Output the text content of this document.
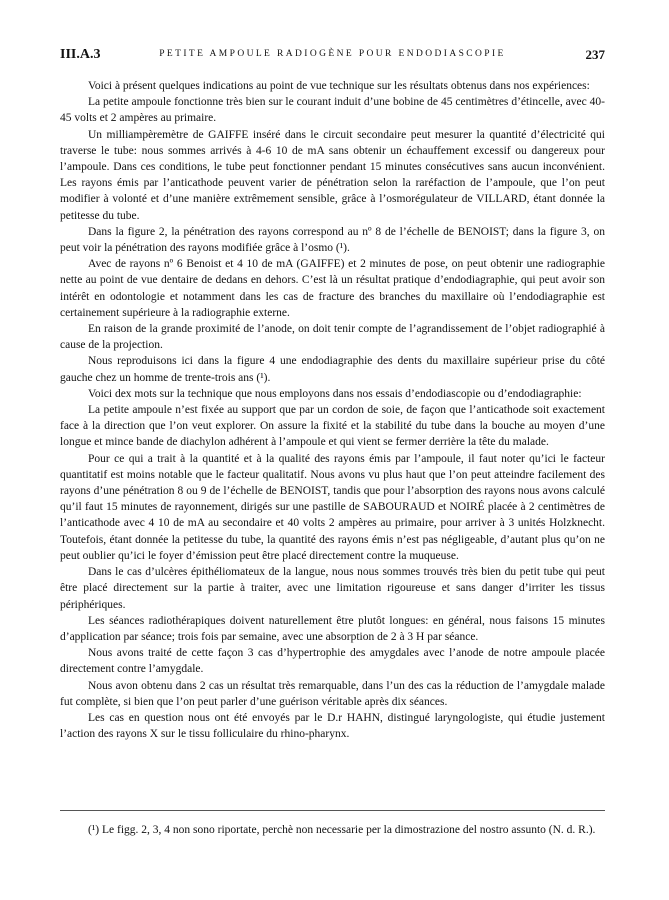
III.A.3	PETITE AMPOULE RADIOGÈNE POUR ENDODIASCOPIE	237

Voici à présent quelques indications au point de vue technique sur les résultats obtenus dans nos expériences:

La petite ampoule fonctionne très bien sur le courant induit d’une bobine de 45 centimètres d’étincelle, avec 40-45 volts et 2 ampères au primaire.

Un milliampèremètre de GAIFFE inséré dans le circuit secondaire peut mesurer la quantité d’électricité qui traverse le tube: nous sommes arrivés à 4-6 10 de mA sans obtenir un échauffement excessif ou dangereux pour l’ampoule. Dans ces conditions, le tube peut fonctionner pendant 15 minutes consécutives sans aucun inconvénient. Les rayons émis par l’anticathode peuvent varier de pénétration selon la raréfaction de l’ampoule, que l’on peut modifier à volonté et d’une manière extrêmement sensible, grâce à l’osmorégulateur de VILLARD, étant donnée la petitesse du tube.

Dans la figure 2, la pénétration des rayons correspond au nº 8 de l’échelle de BENOIST; dans la figure 3, on peut voir la pénétration des rayons modifiée grâce à l’osmo (¹).

Avec de rayons nº 6 Benoist et 4 10 de mA (GAIFFE) et 2 minutes de pose, on peut obtenir une radiographie nette au point de vue dentaire de dedans en dehors. C’est là un résultat pratique d’endodiagraphie, qui peut avoir son intérêt en odontologie et notamment dans les cas de fracture des branches du maxillaire où l’endodiagraphie est certainement supérieure à la radiographie externe.

En raison de la grande proximité de l’anode, on doit tenir compte de l’agrandissement de l’objet radiographié à cause de la projection.

Nous reproduisons ici dans la figure 4 une endodiagraphie des dents du maxillaire supérieur prise du côté gauche chez un homme de trente-trois ans (¹).

Voici dex mots sur la technique que nous employons dans nos essais d’endodiascopie ou d’endodiagraphie:

La petite ampoule n’est fixée au support que par un cordon de soie, de façon que l’anticathode soit exactement face à la direction que l’on veut explorer. On assure la fixité et la stabilité du tube dans la bouche au moyen d’une longue et mince bande de diachylon adhérent à l’ampoule et qui vient se fermer derrière la tête du malade.

Pour ce qui a trait à la quantité et à la qualité des rayons émis par l’ampoule, il faut noter qu’ici le facteur quantitatif est moins notable que le facteur qualitatif. Nous avons vu plus haut que l’on peut atteindre facilement des rayons d’une pénétration 8 ou 9 de l’échelle de BENOIST, tandis que pour l’absorption des rayons nous avons calculé qu’il faut 15 minutes de rayonnement, dirigés sur une pastille de SABOURAUD et NOIRÉ placée à 2 centimètres de l’anticathode avec 4 10 de mA au secondaire et 40 volts 2 ampères au primaire, pour arriver à 3 unités Holzknecht. Toutefois, étant donnée la petitesse du tube, la quantité des rayons émis n’est pas négligeable, d’autant plus qu’on ne peut oublier qu’ici le foyer d’émission peut être placé directement contre la muqueuse.

Dans le cas d’ulcères épithéliomateux de la langue, nous nous sommes trouvés très bien du petit tube qui peut être placé directement sur la partie à traiter, avec une limitation rigoureuse et sans danger d’irriter les tissus périphériques.

Les séances radiothérapiques doivent naturellement être plutôt longues: en général, nous faisons 15 minutes d’application par séance; trois fois par semaine, avec une absorption de 2 à 3 H par séance.

Nous avons traité de cette façon 3 cas d’hypertrophie des amygdales avec l’anode de notre ampoule placée directement contre l’amygdale.

Nous avon obtenu dans 2 cas un résultat très remarquable, dans l’un des cas la réduction de l’amygdale malade fut complète, si bien que l’on peut parler d’une guérison véritable après dix séances.

Les cas en question nous ont été envoyés par le D.r HAHN, distingué laryngologiste, qui étudie justement l’action des rayons X sur le tissu folliculaire du rhino-pharynx.

(¹) Le figg. 2, 3, 4 non sono riportate, perchè non necessarie per la dimostrazione del nostro assunto (N. d. R.).
